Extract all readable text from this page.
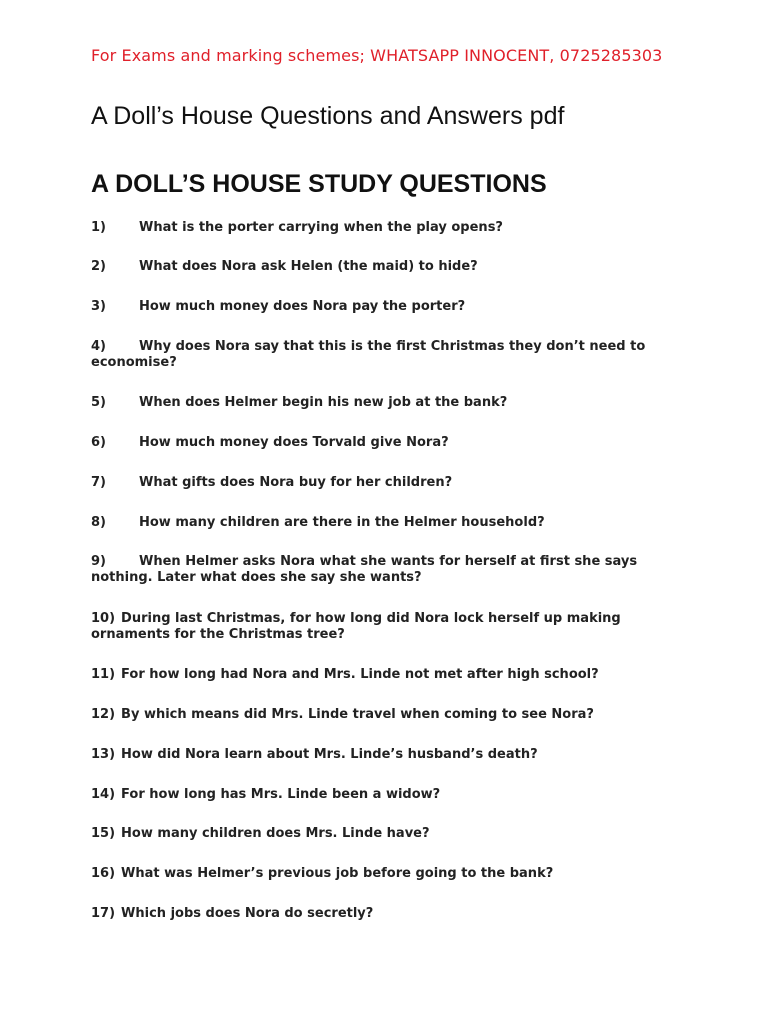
For Exams and marking schemes; WHATSAPP INNOCENT, 0725285303
A Doll’s House Questions and Answers pdf
A DOLL’S HOUSE STUDY QUESTIONS
1)	What is the porter carrying when the play opens?
2)	What does Nora ask Helen (the maid) to hide?
3)	How much money does Nora pay the porter?
4)	Why does Nora say that this is the first Christmas they don’t need to economise?
5)	When does Helmer begin his new job at the bank?
6)	How much money does Torvald give Nora?
7)	What gifts does Nora buy for her children?
8)	How many children are there in the Helmer household?
9)	When Helmer asks Nora what she wants for herself at first she says nothing. Later what does she say she wants?
10) During last Christmas, for how long did Nora lock herself up making ornaments for the Christmas tree?
11) For how long had Nora and Mrs. Linde not met after high school?
12) By which means did Mrs. Linde travel when coming to see Nora?
13) How did Nora learn about Mrs. Linde’s husband’s death?
14) For how long has Mrs. Linde been a widow?
15) How many children does Mrs. Linde have?
16) What was Helmer’s previous job before going to the bank?
17) Which jobs does Nora do secretly?
